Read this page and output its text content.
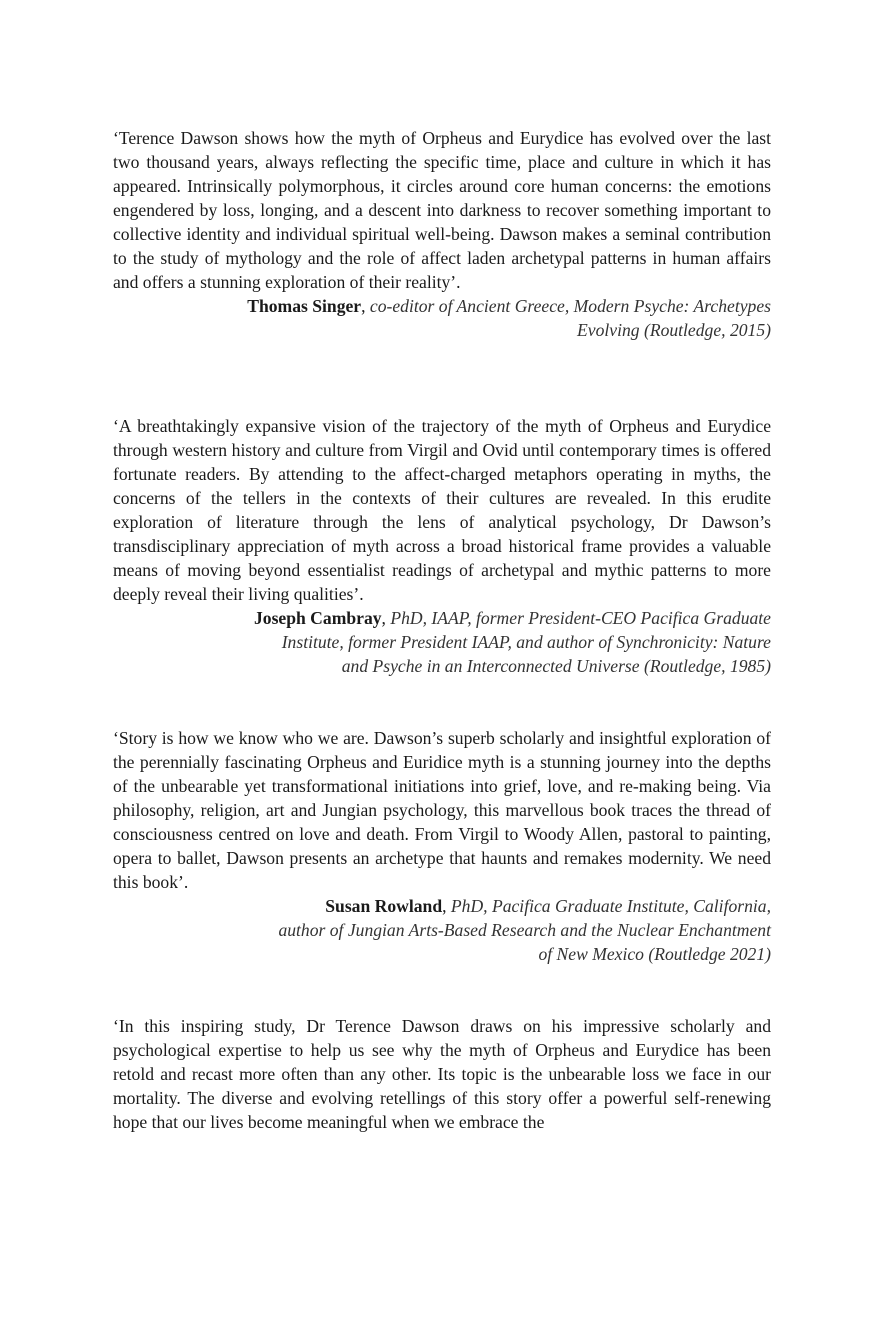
‘Terence Dawson shows how the myth of Orpheus and Eurydice has evolved over the last two thousand years, always reflecting the specific time, place and culture in which it has appeared. Intrinsically polymorphous, it circles around core human concerns: the emotions engendered by loss, longing, and a descent into darkness to recover something important to collective identity and individual spiritual well-being. Dawson makes a seminal contribution to the study of mythology and the role of affect laden archetypal patterns in human affairs and offers a stunning exploration of their reality’.

Thomas Singer, co-editor of Ancient Greece, Modern Psyche: Archetypes
Evolving (Routledge, 2015)

‘A breathtakingly expansive vision of the trajectory of the myth of Orpheus and Eurydice through western history and culture from Virgil and Ovid until contemporary times is offered fortunate readers. By attending to the affect-charged metaphors operating in myths, the concerns of the tellers in the contexts of their cultures are revealed. In this erudite exploration of literature through the lens of analytical psychology, Dr Dawson’s transdisciplinary appreciation of myth across a broad historical frame provides a valuable means of moving beyond essentialist readings of archetypal and mythic patterns to more deeply reveal their living qualities’.

Joseph Cambray, PhD, IAAP, former President-CEO Pacifica Graduate
Institute, former President IAAP, and author of Synchronicity: Nature
and Psyche in an Interconnected Universe (Routledge, 1985)

‘Story is how we know who we are. Dawson’s superb scholarly and insightful exploration of the perennially fascinating Orpheus and Euridice myth is a stunning journey into the depths of the unbearable yet transformational initiations into grief, love, and re-making being. Via philosophy, religion, art and Jungian psychology, this marvellous book traces the thread of consciousness centred on love and death. From Virgil to Woody Allen, pastoral to painting, opera to ballet, Dawson presents an archetype that haunts and remakes modernity. We need this book’.

Susan Rowland, PhD, Pacifica Graduate Institute, California,
author of Jungian Arts-Based Research and the Nuclear Enchantment
of New Mexico (Routledge 2021)

‘In this inspiring study, Dr Terence Dawson draws on his impressive scholarly and psychological expertise to help us see why the myth of Orpheus and Eurydice has been retold and recast more often than any other. Its topic is the unbearable loss we face in our mortality. The diverse and evolving retellings of this story offer a powerful self-renewing hope that our lives become meaningful when we embrace the
